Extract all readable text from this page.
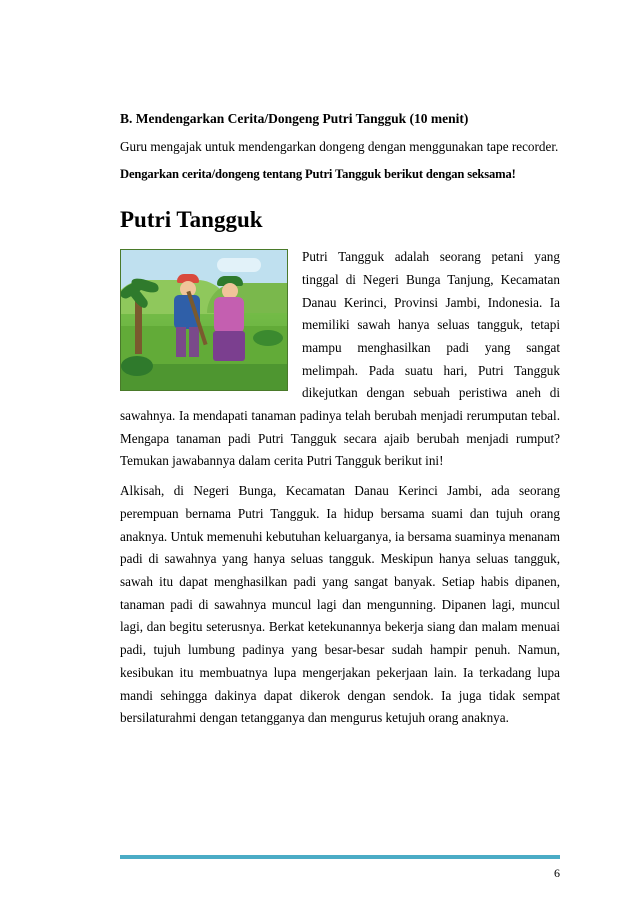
B. Mendengarkan Cerita/Dongeng Putri Tangguk (10 menit)

Guru mengajak untuk mendengarkan dongeng dengan menggunakan tape recorder.

Dengarkan cerita/dongeng tentang Putri Tangguk berikut dengan seksama!

Putri Tangguk

Putri Tangguk adalah seorang petani yang tinggal di Negeri Bunga Tanjung, Kecamatan Danau Kerinci, Provinsi Jambi, Indonesia. Ia memiliki sawah hanya seluas tangguk, tetapi mampu menghasilkan padi yang sangat melimpah. Pada suatu hari, Putri Tangguk dikejutkan dengan sebuah peristiwa aneh di sawahnya. Ia mendapati tanaman padinya telah berubah menjadi rerumputan tebal. Mengapa tanaman padi Putri Tangguk secara ajaib berubah menjadi rumput? Temukan jawabannya dalam cerita Putri Tangguk berikut ini!

Alkisah, di Negeri Bunga, Kecamatan Danau Kerinci Jambi, ada seorang perempuan bernama Putri Tangguk. Ia hidup bersama suami dan tujuh orang anaknya. Untuk memenuhi kebutuhan keluarganya, ia bersama suaminya menanam padi di sawahnya yang hanya seluas tangguk. Meskipun hanya seluas tangguk, sawah itu dapat menghasilkan padi yang sangat banyak. Setiap habis dipanen, tanaman padi di sawahnya muncul lagi dan mengunning. Dipanen lagi, muncul lagi, dan begitu seterusnya. Berkat ketekunannya bekerja siang dan malam menuai padi, tujuh lumbung padinya yang besar-besar sudah hampir penuh. Namun, kesibukan itu membuatnya lupa mengerjakan pekerjaan lain. Ia terkadang lupa mandi sehingga dakinya dapat dikerok dengan sendok. Ia juga tidak sempat bersilaturahmi dengan tetangganya dan mengurus ketujuh orang anaknya.

6
